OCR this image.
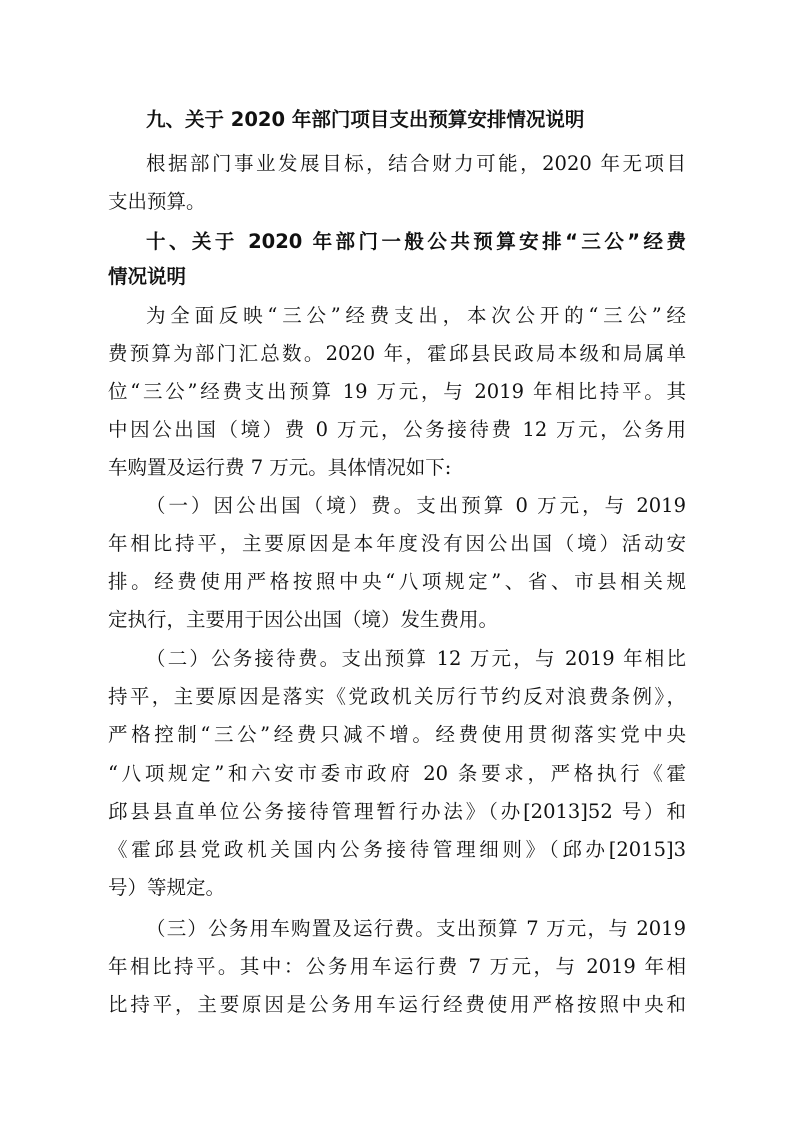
九、关于 2020 年部门项目支出预算安排情况说明
根据部门事业发展目标，结合财力可能，2020 年无项目
支出预算。
十、关于 2020 年部门一般公共预算安排“三公”经费
情况说明
为全面反映“三公”经费支出，本次公开的“三公”经
费预算为部门汇总数。2020 年，霍邱县民政局本级和局属单
位“三公”经费支出预算 19 万元，与 2019 年相比持平。其
中因公出国（境）费 0 万元，公务接待费 12 万元，公务用
车购置及运行费 7 万元。具体情况如下:
（一）因公出国（境）费。支出预算 0 万元，与 2019
年相比持平，主要原因是本年度没有因公出国（境）活动安
排。经费使用严格按照中央“八项规定”、省、市县相关规
定执行，主要用于因公出国（境）发生费用。
（二）公务接待费。支出预算 12 万元，与 2019 年相比
持平，主要原因是落实《党政机关厉行节约反对浪费条例》，
严格控制“三公”经费只减不增。经费使用贯彻落实党中央
“八项规定”和六安市委市政府 20 条要求，严格执行《霍
邱县县直单位公务接待管理暂行办法》（办[2013]52 号）和
《霍邱县党政机关国内公务接待管理细则》（邱办[2015]3
号）等规定。
（三）公务用车购置及运行费。支出预算 7 万元，与 2019
年相比持平。其中：公务用车运行费 7 万元，与 2019 年相
比持平，主要原因是公务用车运行经费使用严格按照中央和
